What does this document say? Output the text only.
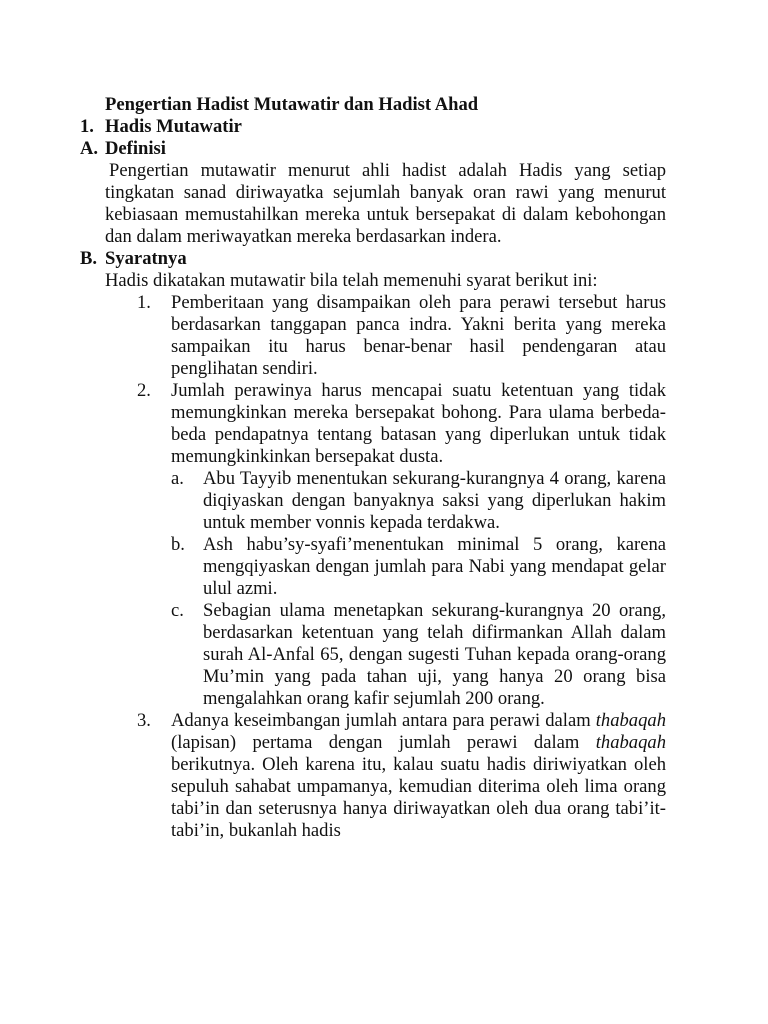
Pengertian Hadist Mutawatir dan Hadist Ahad
1. Hadis Mutawatir
A. Definisi
Pengertian mutawatir menurut ahli hadist adalah Hadis yang setiap tingkatan sanad diriwayatka sejumlah banyak oran rawi yang menurut kebiasaan memustahilkan mereka untuk bersepakat di dalam kebohongan dan dalam meriwayatkan mereka berdasarkan indera.
B. Syaratnya
Hadis dikatakan mutawatir bila telah memenuhi syarat berikut ini:
1. Pemberitaan yang disampaikan oleh para perawi tersebut harus berdasarkan tanggapan panca indra. Yakni berita yang mereka sampaikan itu harus benar-benar hasil pendengaran atau penglihatan sendiri.
2. Jumlah perawinya harus mencapai suatu ketentuan yang tidak memungkinkan mereka bersepakat bohong. Para ulama berbeda-beda pendapatnya tentang batasan yang diperlukan untuk tidak memungkinkinkan bersepakat dusta.
a. Abu Tayyib menentukan sekurang-kurangnya 4 orang, karena diqiyaskan dengan banyaknya saksi yang diperlukan hakim untuk member vonnis kepada terdakwa.
b. Ash habu’sy-syafi’menentukan minimal 5 orang, karena mengqiyaskan dengan jumlah para Nabi yang mendapat gelar ulul azmi.
c. Sebagian ulama menetapkan sekurang-kurangnya 20 orang, berdasarkan ketentuan yang telah difirmankan Allah dalam surah Al-Anfal 65, dengan sugesti Tuhan kepada orang-orang Mu’min yang pada tahan uji, yang hanya 20 orang bisa mengalahkan orang kafir sejumlah 200 orang.
3. Adanya keseimbangan jumlah antara para perawi dalam thabaqah (lapisan) pertama dengan jumlah perawi dalam thabaqah berikutnya. Oleh karena itu, kalau suatu hadis diriwiyatkan oleh sepuluh sahabat umpamanya, kemudian diterima oleh lima orang tabi’in dan seterusnya hanya diriwayatkan oleh dua orang tabi’it-tabi’in, bukanlah hadis
